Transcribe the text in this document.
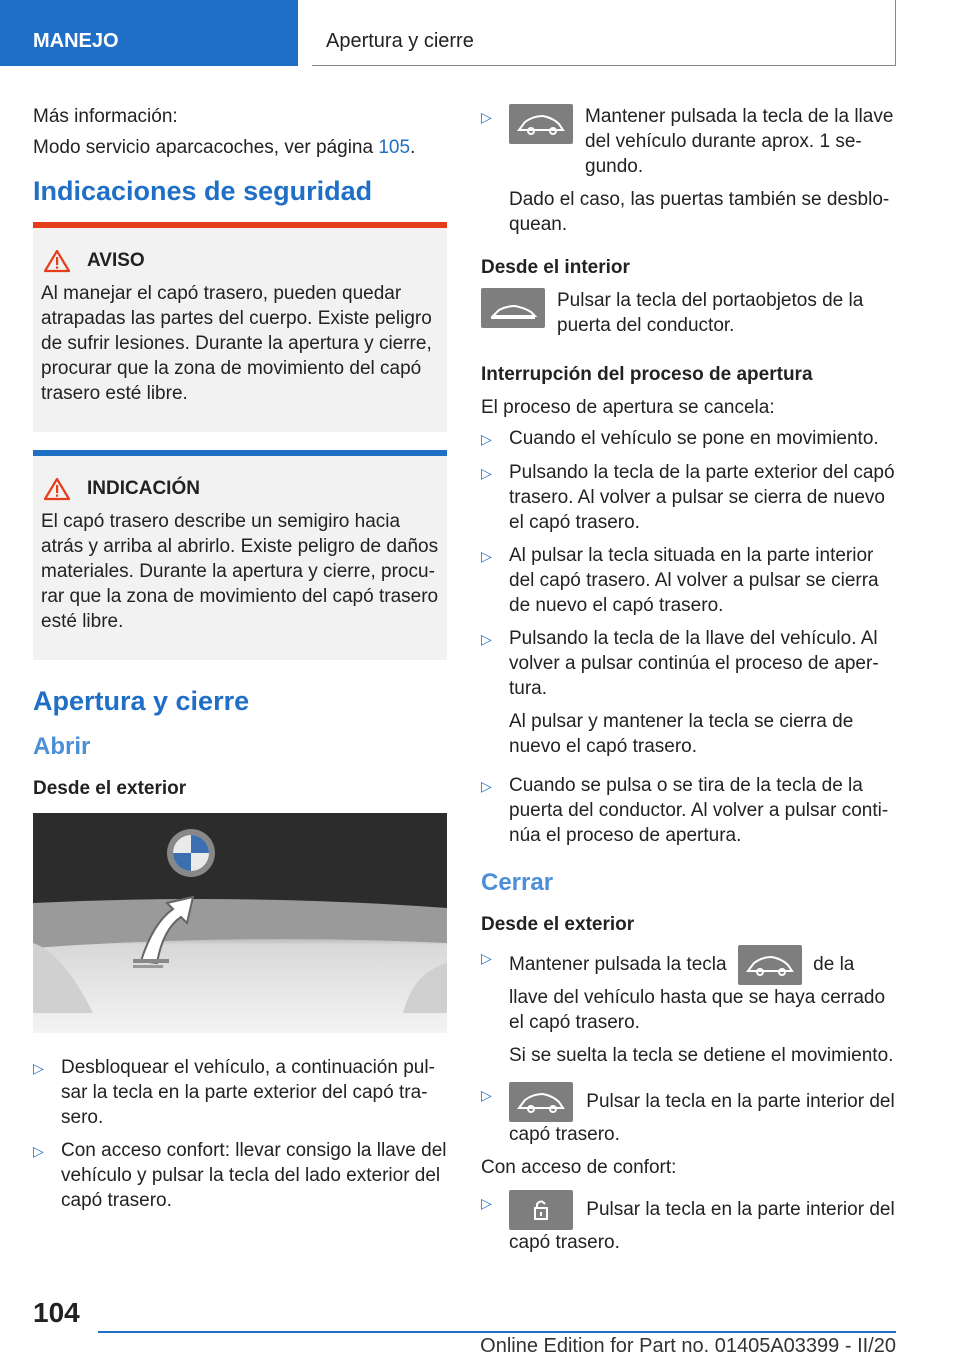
MANEJO	Apertura y cierre

Más información:

Modo servicio aparcacoches, ver página 105.

Indicaciones de seguridad
AVISO

Al manejar el capó trasero, pueden quedar atrapadas las partes del cuerpo. Existe peligro de sufrir lesiones. Durante la apertura y cierre, procurar que la zona de movimiento del capó trasero esté libre.

INDICACIÓN

El capó trasero describe un semigiro hacia atrás y arriba al abrirlo. Existe peligro de daños materiales. Durante la apertura y cierre, procurar que la zona de movimiento del capó trasero esté libre.

Apertura y cierre
Abrir
Desde el exterior
▷ Desbloquear el vehículo, a continuación pulsar la tecla en la parte exterior del capó trasero.
▷ Con acceso confort: llevar consigo la llave del vehículo y pulsar la tecla del lado exterior del capó trasero.
▷	Mantener pulsada la tecla de la llave del vehículo durante aprox. 1 segundo.

Dado el caso, las puertas también se desbloquean.

Desde el interior
Pulsar la tecla del portaobjetos de la puerta del conductor.
Interrupción del proceso de apertura

El proceso de apertura se cancela:

▷ Cuando el vehículo se pone en movimiento.
▷ Pulsando la tecla de la parte exterior del capó trasero. Al volver a pulsar se cierra de nuevo el capó trasero.
▷ Al pulsar la tecla situada en la parte interior del capó trasero. Al volver a pulsar se cierra de nuevo el capó trasero.
▷ Pulsando la tecla de la llave del vehículo. Al volver a pulsar continúa el proceso de apertura.

Al pulsar y mantener la tecla se cierra de nuevo el capó trasero.

▷ Cuando se pulsa o se tira de la tecla de la puerta del conductor. Al volver a pulsar continúa el proceso de apertura.
Cerrar
Desde el exterior
▷ Mantener pulsada la tecla	de la llave del vehículo hasta que se haya cerrado el capó trasero.

Si se suelta la tecla se detiene el movimiento.

▷	Pulsar la tecla en la parte interior del capó trasero.

Con acceso de confort:

▷	Pulsar la tecla en la parte interior del capó trasero.
104
Online Edition for Part no. 01405A03399 - II/20
